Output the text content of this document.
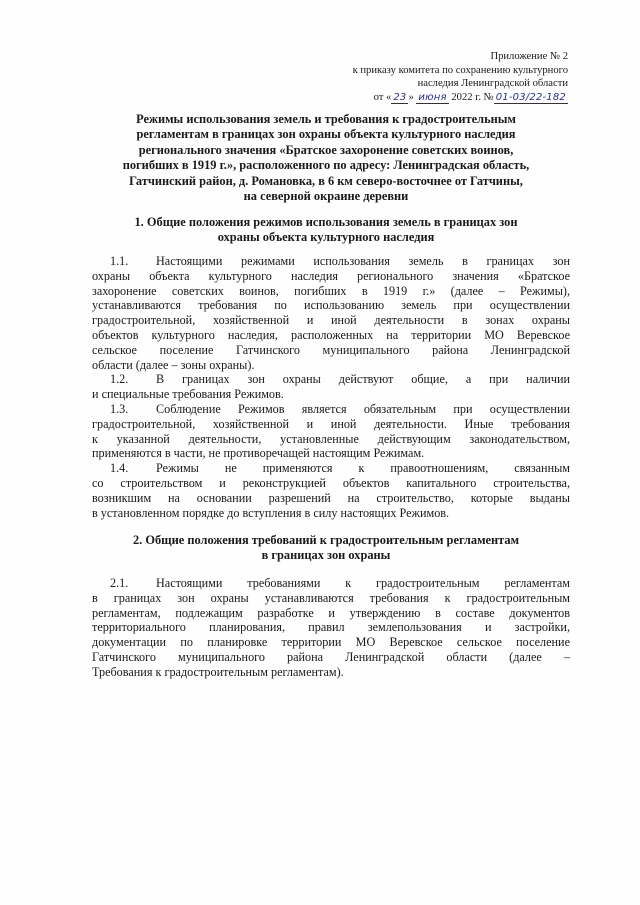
Приложение № 2
к приказу комитета по сохранению культурного
наследия Ленинградской области
от « 23 » июня 2022 г. № 01-03/22-182
Режимы использования земель и требования к градостроительным
регламентам в границах зон охраны объекта культурного наследия
регионального значения «Братское захоронение советских воинов,
погибших в 1919 г.», расположенного по адресу: Ленинградская область,
Гатчинский район, д. Романовка, в 6 км северо-восточнее от Гатчины,
на северной окраине деревни
1. Общие положения режимов использования земель в границах зон
охраны объекта культурного наследия
1.1. Настоящими режимами использования земель в границах зон
охраны объекта культурного наследия регионального значения «Братское
захоронение советских воинов, погибших в 1919 г.» (далее – Режимы),
устанавливаются требования по использованию земель при осуществлении
градостроительной, хозяйственной и иной деятельности в зонах охраны
объектов культурного наследия, расположенных на территории МО Веревское
сельское поселение Гатчинского муниципального района Ленинградской
области (далее – зоны охраны).
1.2. В границах зон охраны действуют общие, а при наличии
и специальные требования Режимов.
1.3. Соблюдение Режимов является обязательным при осуществлении
градостроительной, хозяйственной и иной деятельности. Иные требования
к указанной деятельности, установленные действующим законодательством,
применяются в части, не противоречащей настоящим Режимам.
1.4. Режимы не применяются к правоотношениям, связанным
со строительством и реконструкцией объектов капитального строительства,
возникшим на основании разрешений на строительство, которые выданы
в установленном порядке до вступления в силу настоящих Режимов.
2. Общие положения требований к градостроительным регламентам
в границах зон охраны
2.1. Настоящими требованиями к градостроительным регламентам
в границах зон охраны устанавливаются требования к градостроительным
регламентам, подлежащим разработке и утверждению в составе документов
территориального планирования, правил землепользования и застройки,
документации по планировке территории МО Веревское сельское поселение
Гатчинского муниципального района Ленинградской области (далее –
Требования к градостроительным регламентам).
